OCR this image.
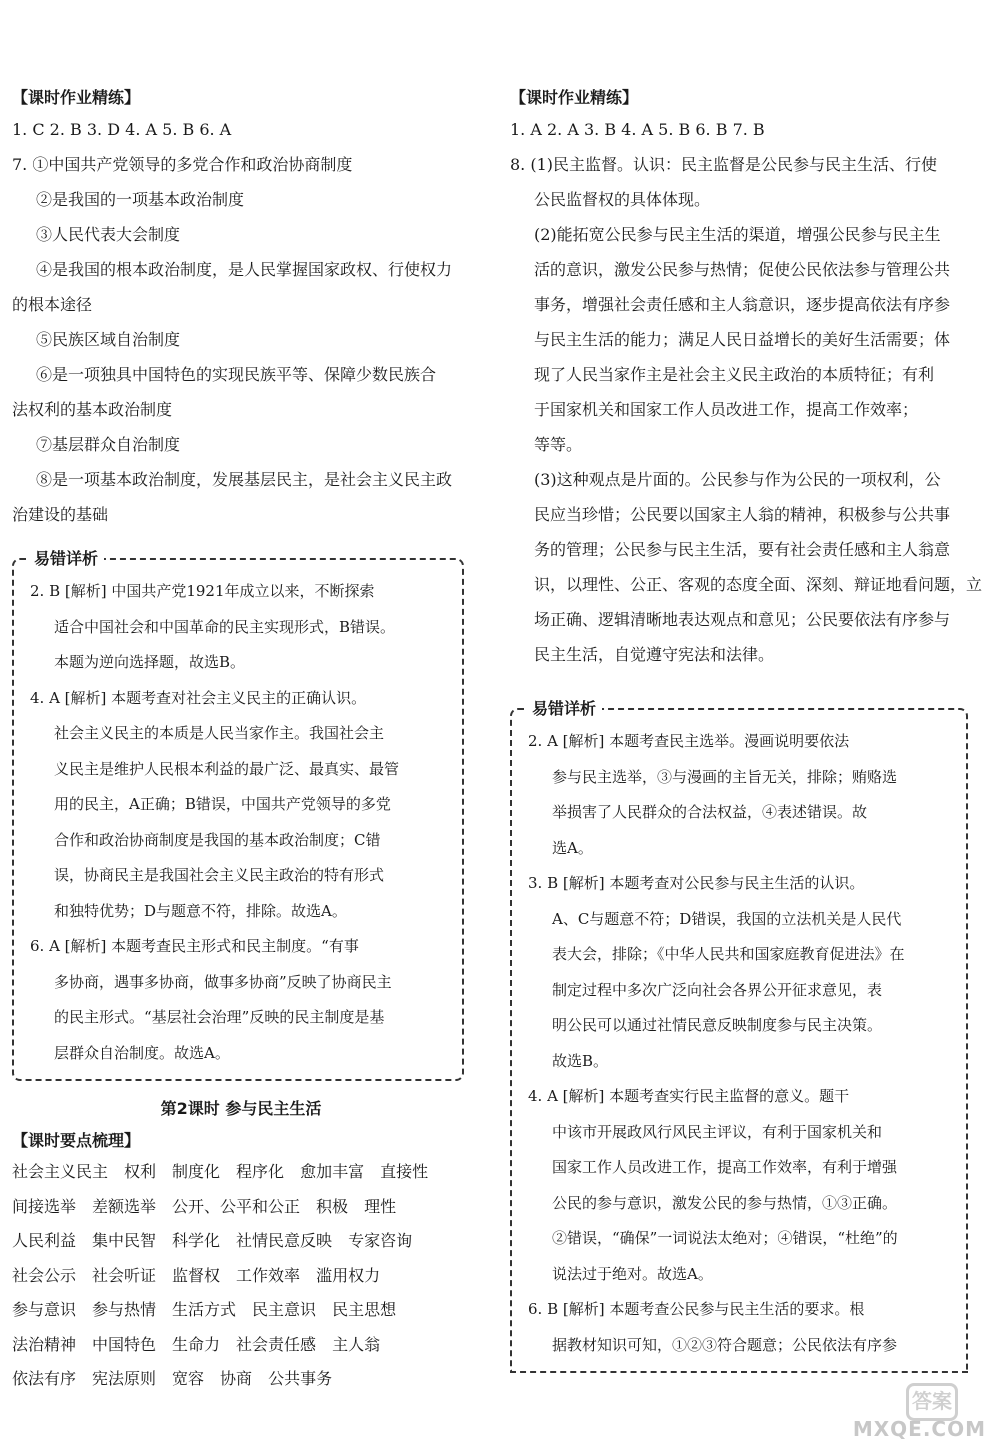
【课时作业精练】
1. C 2. B 3. D 4. A 5. B 6. A
7. ①中国共产党领导的多党合作和政治协商制度
②是我国的一项基本政治制度
③人民代表大会制度
④是我国的根本政治制度，是人民掌握国家政权、行使权力
的根本途径
⑤民族区域自治制度
⑥是一项独具中国特色的实现民族平等、保障少数民族合
法权利的基本政治制度
⑦基层群众自治制度
⑧是一项基本政治制度，发展基层民主，是社会主义民主政
治建设的基础
易错详析
2. B [解析] 中国共产党1921年成立以来，不断探索
适合中国社会和中国革命的民主实现形式，B错误。
本题为逆向选择题，故选B。
4. A [解析] 本题考查对社会主义民主的正确认识。
社会主义民主的本质是人民当家作主。我国社会主
义民主是维护人民根本利益的最广泛、最真实、最管
用的民主，A正确；B错误，中国共产党领导的多党
合作和政治协商制度是我国的基本政治制度；C错
误，协商民主是我国社会主义民主政治的特有形式
和独特优势；D与题意不符，排除。故选A。
6. A [解析] 本题考查民主形式和民主制度。“有事
多协商，遇事多协商，做事多协商”反映了协商民主
的民主形式。“基层社会治理”反映的民主制度是基
层群众自治制度。故选A。
第2课时 参与民主生活
【课时要点梳理】
社会主义民主 权利 制度化 程序化 愈加丰富 直接性
间接选举 差额选举 公开、公平和公正 积极 理性
人民利益 集中民智 科学化 社情民意反映 专家咨询
社会公示 社会听证 监督权 工作效率 滥用权力
参与意识 参与热情 生活方式 民主意识 民主思想
法治精神 中国特色 生命力 社会责任感 主人翁
依法有序 宪法原则 宽容 协商 公共事务
【课时作业精练】
1. A 2. A 3. B 4. A 5. B 6. B 7. B
8. (1)民主监督。认识：民主监督是公民参与民主生活、行使
公民监督权的具体体现。
(2)能拓宽公民参与民主生活的渠道，增强公民参与民主生
活的意识，激发公民参与热情；促使公民依法参与管理公共
事务，增强社会责任感和主人翁意识，逐步提高依法有序参
与民主生活的能力；满足人民日益增长的美好生活需要；体
现了人民当家作主是社会主义民主政治的本质特征；有利
于国家机关和国家工作人员改进工作，提高工作效率；
等等。
(3)这种观点是片面的。公民参与作为公民的一项权利，公
民应当珍惜；公民要以国家主人翁的精神，积极参与公共事
务的管理；公民参与民主生活，要有社会责任感和主人翁意
识，以理性、公正、客观的态度全面、深刻、辩证地看问题，立
场正确、逻辑清晰地表达观点和意见；公民要依法有序参与
民主生活，自觉遵守宪法和法律。
易错详析
2. A [解析] 本题考查民主选举。漫画说明要依法
参与民主选举，③与漫画的主旨无关，排除；贿赂选
举损害了人民群众的合法权益，④表述错误。故
选A。
3. B [解析] 本题考查对公民参与民主生活的认识。
A、C与题意不符；D错误，我国的立法机关是人民代
表大会，排除；《中华人民共和国家庭教育促进法》在
制定过程中多次广泛向社会各界公开征求意见，表
明公民可以通过社情民意反映制度参与民主决策。
故选B。
4. A [解析] 本题考查实行民主监督的意义。题干
中该市开展政风行风民主评议，有利于国家机关和
国家工作人员改进工作，提高工作效率，有利于增强
公民的参与意识，激发公民的参与热情，①③正确。
②错误，“确保”一词说法太绝对；④错误，“杜绝”的
说法过于绝对。故选A。
6. B [解析] 本题考查公民参与民主生活的要求。根
据教材知识可知，①②③符合题意；公民依法有序参
答案
MXQE.COM
